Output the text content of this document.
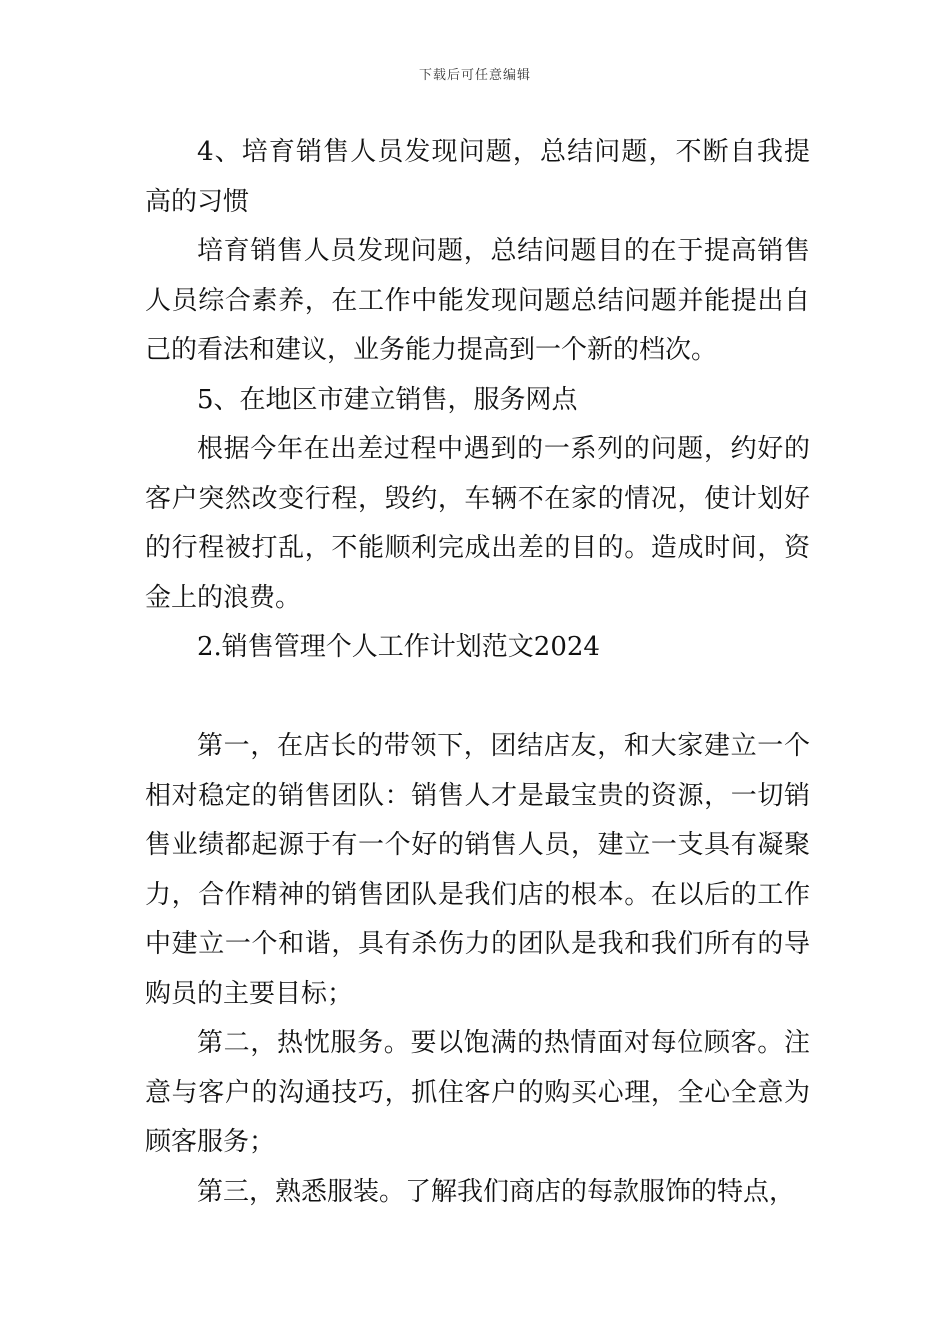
下载后可任意编辑

4、培育销售人员发现问题，总结问题，不断自我提高的习惯

培育销售人员发现问题，总结问题目的在于提高销售人员综合素养，在工作中能发现问题总结问题并能提出自己的看法和建议，业务能力提高到一个新的档次。

5、在地区市建立销售，服务网点

根据今年在出差过程中遇到的一系列的问题，约好的客户突然改变行程，毁约，车辆不在家的情况，使计划好的行程被打乱，不能顺利完成出差的目的。造成时间，资金上的浪费。

2.销售管理个人工作计划范文2024

第一，在店长的带领下，团结店友，和大家建立一个相对稳定的销售团队：销售人才是最宝贵的资源，一切销售业绩都起源于有一个好的销售人员，建立一支具有凝聚力，合作精神的销售团队是我们店的根本。在以后的工作中建立一个和谐，具有杀伤力的团队是我和我们所有的导购员的主要目标；

第二，热忱服务。要以饱满的热情面对每位顾客。注意与客户的沟通技巧，抓住客户的购买心理，全心全意为顾客服务；

第三，熟悉服装。了解我们商店的每款服饰的特点，
